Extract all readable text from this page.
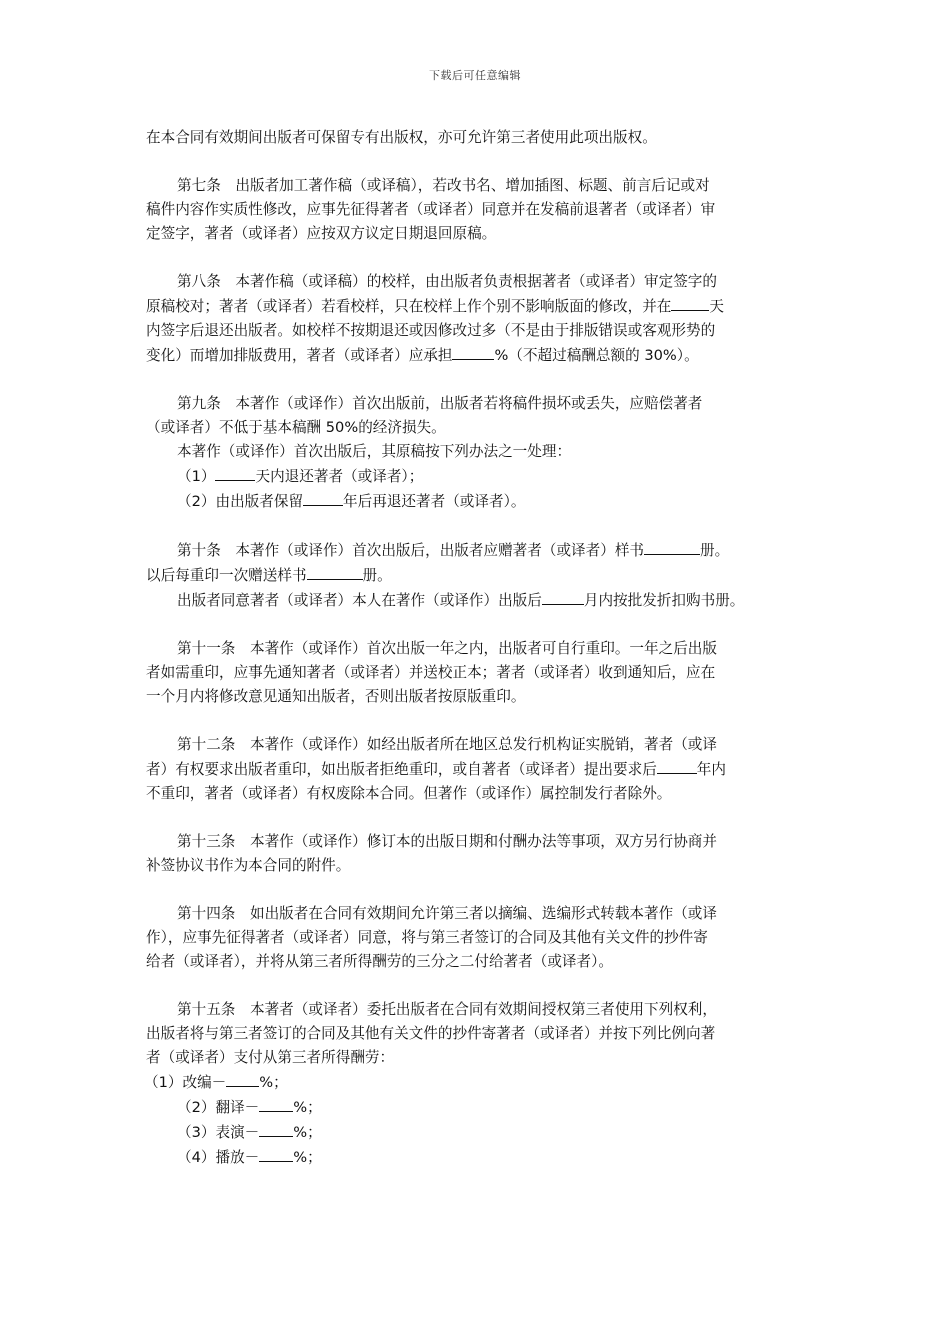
下载后可任意编辑

在本合同有效期间出版者可保留专有出版权，亦可允许第三者使用此项出版权。

第七条　出版者加工著作稿（或译稿），若改书名、增加插图、标题、前言后记或对

稿件内容作实质性修改，应事先征得著者（或译者）同意并在发稿前退著者（或译者）审

定签字，著者（或译者）应按双方议定日期退回原稿。

第八条　本著作稿（或译稿）的校样，由出版者负责根据著者（或译者）审定签字的

原稿校对；著者（或译者）若看校样，只在校样上作个别不影响版面的修改，并在	天

内签字后退还出版者。如校样不按期退还或因修改过多（不是由于排版错误或客观形势的

变化）而增加排版费用，著者（或译者）应承担	%（不超过稿酬总额的 30%）。

第九条　本著作（或译作）首次出版前，出版者若将稿件损坏或丢失，应赔偿著者

（或译者）不低于基本稿酬 50%的经济损失。

本著作（或译作）首次出版后，其原稿按下列办法之一处理：

（1）	天内退还著者（或译者）；

（2）由出版者保留	年后再退还著者（或译者）。

第十条　本著作（或译作）首次出版后，出版者应赠著者（或译者）样书	册。

以后每重印一次赠送样书	册。

出版者同意著者（或译者）本人在著作（或译作）出版后	月内按批发折扣购书册。

第十一条　本著作（或译作）首次出版一年之内，出版者可自行重印。一年之后出版

者如需重印，应事先通知著者（或译者）并送校正本；著者（或译者）收到通知后，应在

一个月内将修改意见通知出版者，否则出版者按原版重印。

第十二条　本著作（或译作）如经出版者所在地区总发行机构证实脱销，著者（或译

者）有权要求出版者重印，如出版者拒绝重印，或自著者（或译者）提出要求后	年内

不重印，著者（或译者）有权废除本合同。但著作（或译作）属控制发行者除外。

第十三条　本著作（或译作）修订本的出版日期和付酬办法等事项，双方另行协商并

补签协议书作为本合同的附件。

第十四条　如出版者在合同有效期间允许第三者以摘编、选编形式转载本著作（或译

作），应事先征得著者（或译者）同意，将与第三者签订的合同及其他有关文件的抄件寄

给者（或译者），并将从第三者所得酬劳的三分之二付给著者（或译者）。

第十五条　本著者（或译者）委托出版者在合同有效期间授权第三者使用下列权利，

出版者将与第三者签订的合同及其他有关文件的抄件寄著者（或译者）并按下列比例向著

者（或译者）支付从第三者所得酬劳：

（1）改编－ %；

（2）翻译－ %；

（3）表演－ %；

（4）播放－ %；
